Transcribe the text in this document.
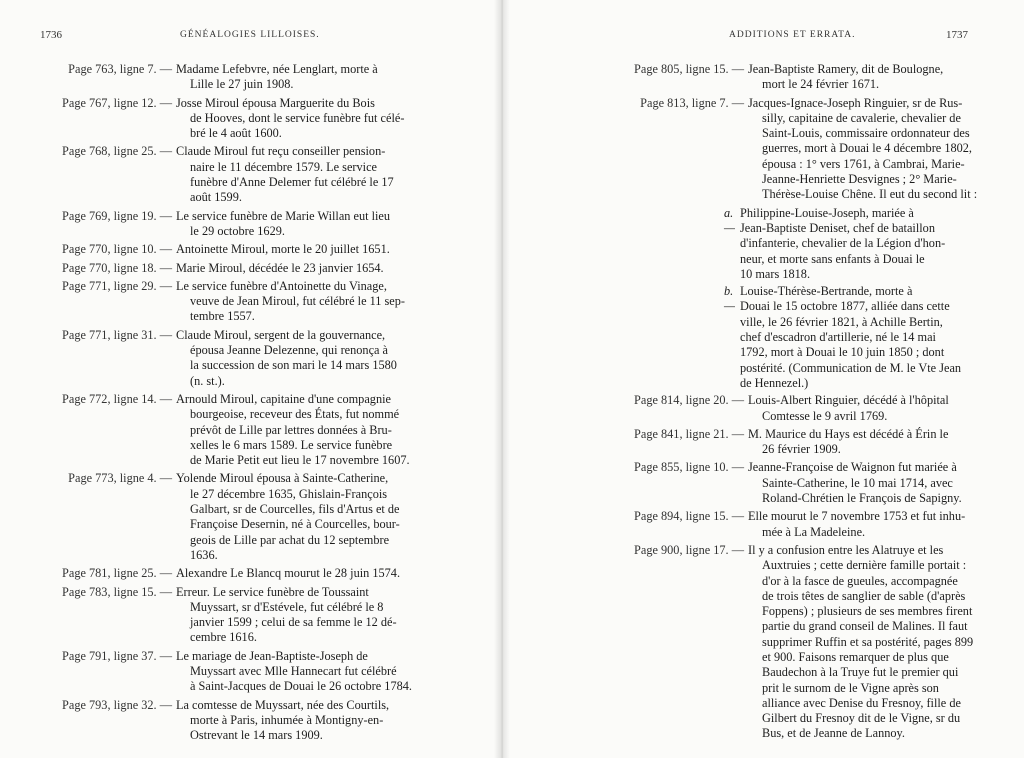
1736	GÉNÉALOGIES LILLOISES.	ADDITIONS ET ERRATA.	1737
Page 763, ligne 7. — Madame Lefebvre, née Lenglart, morte à
Lille le 27 juin 1908.
Page 767, ligne 12. — Josse Miroul épousa Marguerite du Bois
de Hooves, dont le service funèbre fut célé-
bré le 4 août 1600.
Page 768, ligne 25. — Claude Miroul fut reçu conseiller pension-
naire le 11 décembre 1579. Le service
funèbre d'Anne Delemer fut célébré le 17
août 1599.
Page 769, ligne 19. — Le service funèbre de Marie Willan eut lieu
le 29 octobre 1629.
Page 770, ligne 10. — Antoinette Miroul, morte le 20 juillet 1651.
Page 770, ligne 18. — Marie Miroul, décédée le 23 janvier 1654.
Page 771, ligne 29. — Le service funèbre d'Antoinette du Vinage,
veuve de Jean Miroul, fut célébré le 11 sep-
tembre 1557.
Page 771, ligne 31. — Claude Miroul, sergent de la gouvernance,
épousa Jeanne Delezenne, qui renonça à
la succession de son mari le 14 mars 1580
(n. st.).
Page 772, ligne 14. — Arnould Miroul, capitaine d'une compagnie
bourgeoise, receveur des États, fut nommé
prévôt de Lille par lettres données à Bru-
xelles le 6 mars 1589. Le service funèbre
de Marie Petit eut lieu le 17 novembre 1607.
Page 773, ligne 4. — Yolende Miroul épousa à Sainte-Catherine,
le 27 décembre 1635, Ghislain-François
Galbart, sr de Courcelles, fils d'Artus et de
Françoise Desernin, né à Courcelles, bour-
geois de Lille par achat du 12 septembre
1636.
Page 781, ligne 25. — Alexandre Le Blancq mourut le 28 juin 1574.
Page 783, ligne 15. — Erreur. Le service funèbre de Toussaint
Muyssart, sr d'Estévele, fut célébré le 8
janvier 1599 ; celui de sa femme le 12 dé-
cembre 1616.
Page 791, ligne 37. — Le mariage de Jean-Baptiste-Joseph de
Muyssart avec Mlle Hannecart fut célébré
à Saint-Jacques de Douai le 26 octobre 1784.
Page 793, ligne 32. — La comtesse de Muyssart, née des Courtils,
morte à Paris, inhumée à Montigny-en-
Ostrevant le 14 mars 1909.
Page 805, ligne 15. — Jean-Baptiste Ramery, dit de Boulogne,
mort le 24 février 1671.
Page 813, ligne 7. — Jacques-Ignace-Joseph Ringuier, sr de Rus-
silly, capitaine de cavalerie, chevalier de
Saint-Louis, commissaire ordonnateur des
guerres, mort à Douai le 4 décembre 1802,
épousa : 1° vers 1761, à Cambrai, Marie-
Jeanne-Henriette Desvignes ; 2° Marie-
Thérèse-Louise Chêne. Il eut du second lit :
a. —
Philippine-Louise-Joseph, mariée à
Jean-Baptiste Deniset, chef de bataillon
d'infanterie, chevalier de la Légion d'hon-
neur, et morte sans enfants à Douai le
10 mars 1818.
b. —
Louise-Thérèse-Bertrande, morte à
Douai le 15 octobre 1877, alliée dans cette
ville, le 26 février 1821, à Achille Bertin,
chef d'escadron d'artillerie, né le 14 mai
1792, mort à Douai le 10 juin 1850 ; dont
postérité. (Communication de M. le Vte Jean
de Hennezel.)
Page 814, ligne 20. — Louis-Albert Ringuier, décédé à l'hôpital
Comtesse le 9 avril 1769.
Page 841, ligne 21. — M. Maurice du Hays est décédé à Érin le
26 février 1909.
Page 855, ligne 10. — Jeanne-Françoise de Waignon fut mariée à
Sainte-Catherine, le 10 mai 1714, avec
Roland-Chrétien le François de Sapigny.
Page 894, ligne 15. — Elle mourut le 7 novembre 1753 et fut inhu-
mée à La Madeleine.
Page 900, ligne 17. — Il y a confusion entre les Alatruye et les
Auxtruies ; cette dernière famille portait :
d'or à la fasce de gueules, accompagnée
de trois têtes de sanglier de sable (d'après
Foppens) ; plusieurs de ses membres firent
partie du grand conseil de Malines. Il faut
supprimer Ruffin et sa postérité, pages 899
et 900. Faisons remarquer de plus que
Baudechon à la Truye fut le premier qui
prit le surnom de le Vigne après son
alliance avec Denise du Fresnoy, fille de
Gilbert du Fresnoy dit de le Vigne, sr du
Bus, et de Jeanne de Lannoy.
